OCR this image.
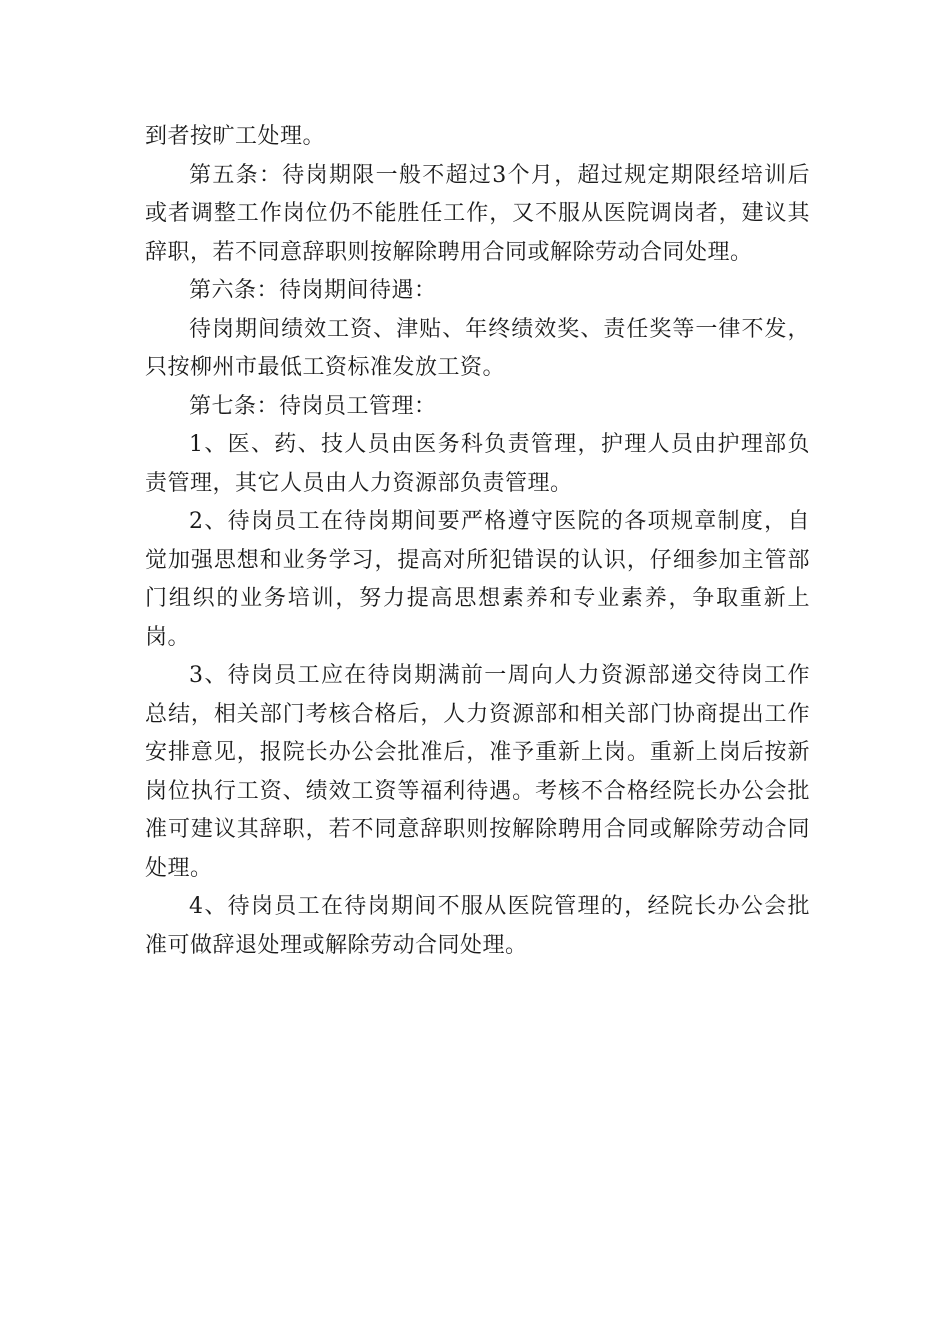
到者按旷工处理。

第五条：待岗期限一般不超过3个月，超过规定期限经培训后或者调整工作岗位仍不能胜任工作，又不服从医院调岗者，建议其辞职，若不同意辞职则按解除聘用合同或解除劳动合同处理。

第六条：待岗期间待遇：

待岗期间绩效工资、津贴、年终绩效奖、责任奖等一律不发，只按柳州市最低工资标准发放工资。

第七条：待岗员工管理：

1、医、药、技人员由医务科负责管理，护理人员由护理部负责管理，其它人员由人力资源部负责管理。

2、待岗员工在待岗期间要严格遵守医院的各项规章制度，自觉加强思想和业务学习，提高对所犯错误的认识，仔细参加主管部门组织的业务培训，努力提高思想素养和专业素养，争取重新上岗。

3、待岗员工应在待岗期满前一周向人力资源部递交待岗工作总结，相关部门考核合格后，人力资源部和相关部门协商提出工作安排意见，报院长办公会批准后，准予重新上岗。重新上岗后按新岗位执行工资、绩效工资等福利待遇。考核不合格经院长办公会批准可建议其辞职，若不同意辞职则按解除聘用合同或解除劳动合同处理。

4、待岗员工在待岗期间不服从医院管理的，经院长办公会批准可做辞退处理或解除劳动合同处理。
